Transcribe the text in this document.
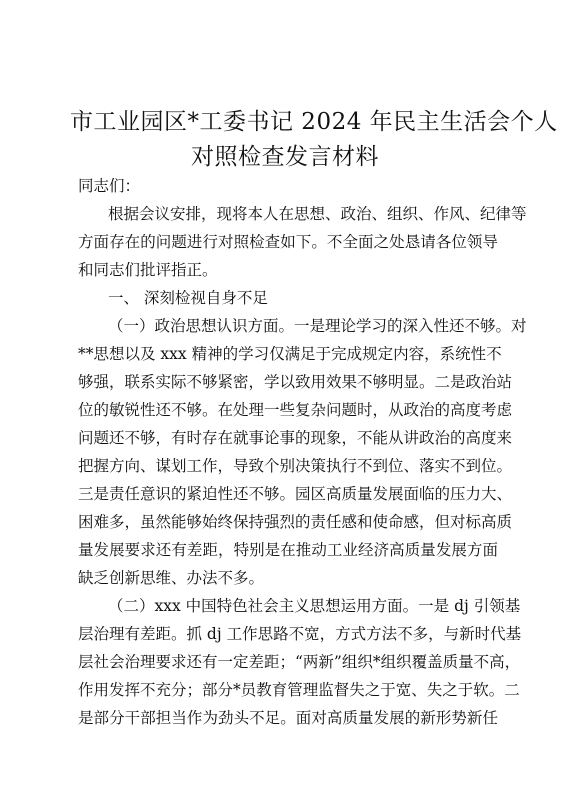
市工业园区*工委书记 2024 年民主生活会个人
对照检查发言材料
同志们：
根据会议安排，现将本人在思想、政治、组织、作风、纪律等
方面存在的问题进行对照检查如下。不全面之处恳请各位领导
和同志们批评指正。
一、 深刻检视自身不足
（一）政治思想认识方面。一是理论学习的深入性还不够。对
**思想以及 xxx 精神的学习仅满足于完成规定内容，系统性不
够强，联系实际不够紧密，学以致用效果不够明显。二是政治站
位的敏锐性还不够。在处理一些复杂问题时，从政治的高度考虑
问题还不够，有时存在就事论事的现象，不能从讲政治的高度来
把握方向、谋划工作，导致个别决策执行不到位、落实不到位。
三是责任意识的紧迫性还不够。园区高质量发展面临的压力大、
困难多，虽然能够始终保持强烈的责任感和使命感，但对标高质
量发展要求还有差距，特别是在推动工业经济高质量发展方面
缺乏创新思维、办法不多。
（二）xxx 中国特色社会主义思想运用方面。一是 dj 引领基
层治理有差距。抓 dj 工作思路不宽，方式方法不多，与新时代基
层社会治理要求还有一定差距；“两新”组织*组织覆盖质量不高，
作用发挥不充分；部分*员教育管理监督失之于宽、失之于软。二
是部分干部担当作为劲头不足。面对高质量发展的新形势新任
